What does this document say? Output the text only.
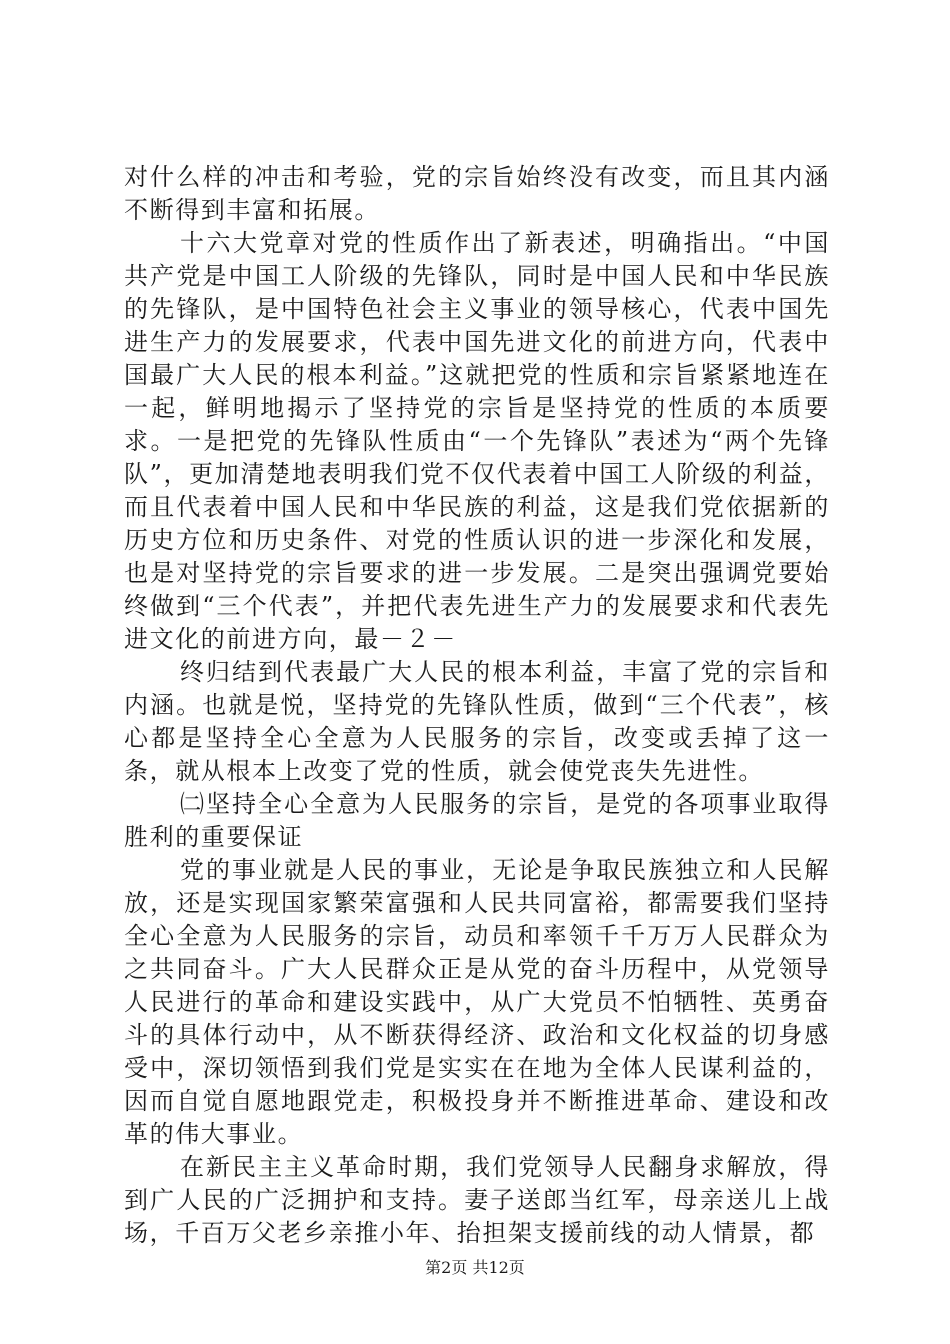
对什么样的冲击和考验，党的宗旨始终没有改变，而且其内涵不断得到丰富和拓展。

十六大党章对党的性质作出了新表述，明确指出。“中国共产党是中国工人阶级的先锋队，同时是中国人民和中华民族的先锋队，是中国特色社会主义事业的领导核心，代表中国先进生产力的发展要求，代表中国先进文化的前进方向，代表中国最广大人民的根本利益。”这就把党的性质和宗旨紧紧地连在一起，鲜明地揭示了坚持党的宗旨是坚持党的性质的本质要求。一是把党的先锋队性质由“一个先锋队”表述为“两个先锋队”，更加清楚地表明我们党不仅代表着中国工人阶级的利益，而且代表着中国人民和中华民族的利益，这是我们党依据新的历史方位和历史条件、对党的性质认识的进一步深化和发展，也是对坚持党的宗旨要求的进一步发展。二是突出强调党要始终做到“三个代表”，并把代表先进生产力的发展要求和代表先进文化的前进方向，最－２－

终归结到代表最广大人民的根本利益，丰富了党的宗旨和内涵。也就是悦，坚持党的先锋队性质，做到“三个代表”，核心都是坚持全心全意为人民服务的宗旨，改变或丢掉了这一条，就从根本上改变了党的性质，就会使党丧失先进性。

㈡坚持全心全意为人民服务的宗旨，是党的各项事业取得胜利的重要保证

党的事业就是人民的事业，无论是争取民族独立和人民解放，还是实现国家繁荣富强和人民共同富裕，都需要我们坚持全心全意为人民服务的宗旨，动员和率领千千万万人民群众为之共同奋斗。广大人民群众正是从党的奋斗历程中，从党领导人民进行的革命和建设实践中，从广大党员不怕牺牲、英勇奋斗的具体行动中，从不断获得经济、政治和文化权益的切身感受中，深切领悟到我们党是实实在在地为全体人民谋利益的，因而自觉自愿地跟党走，积极投身并不断推进革命、建设和改革的伟大事业。

在新民主主义革命时期，我们党领导人民翻身求解放，得到广人民的广泛拥护和支持。妻子送郎当红军，母亲送儿上战场，千百万父老乡亲推小年、抬担架支援前线的动人情景，都

第2页 共12页
